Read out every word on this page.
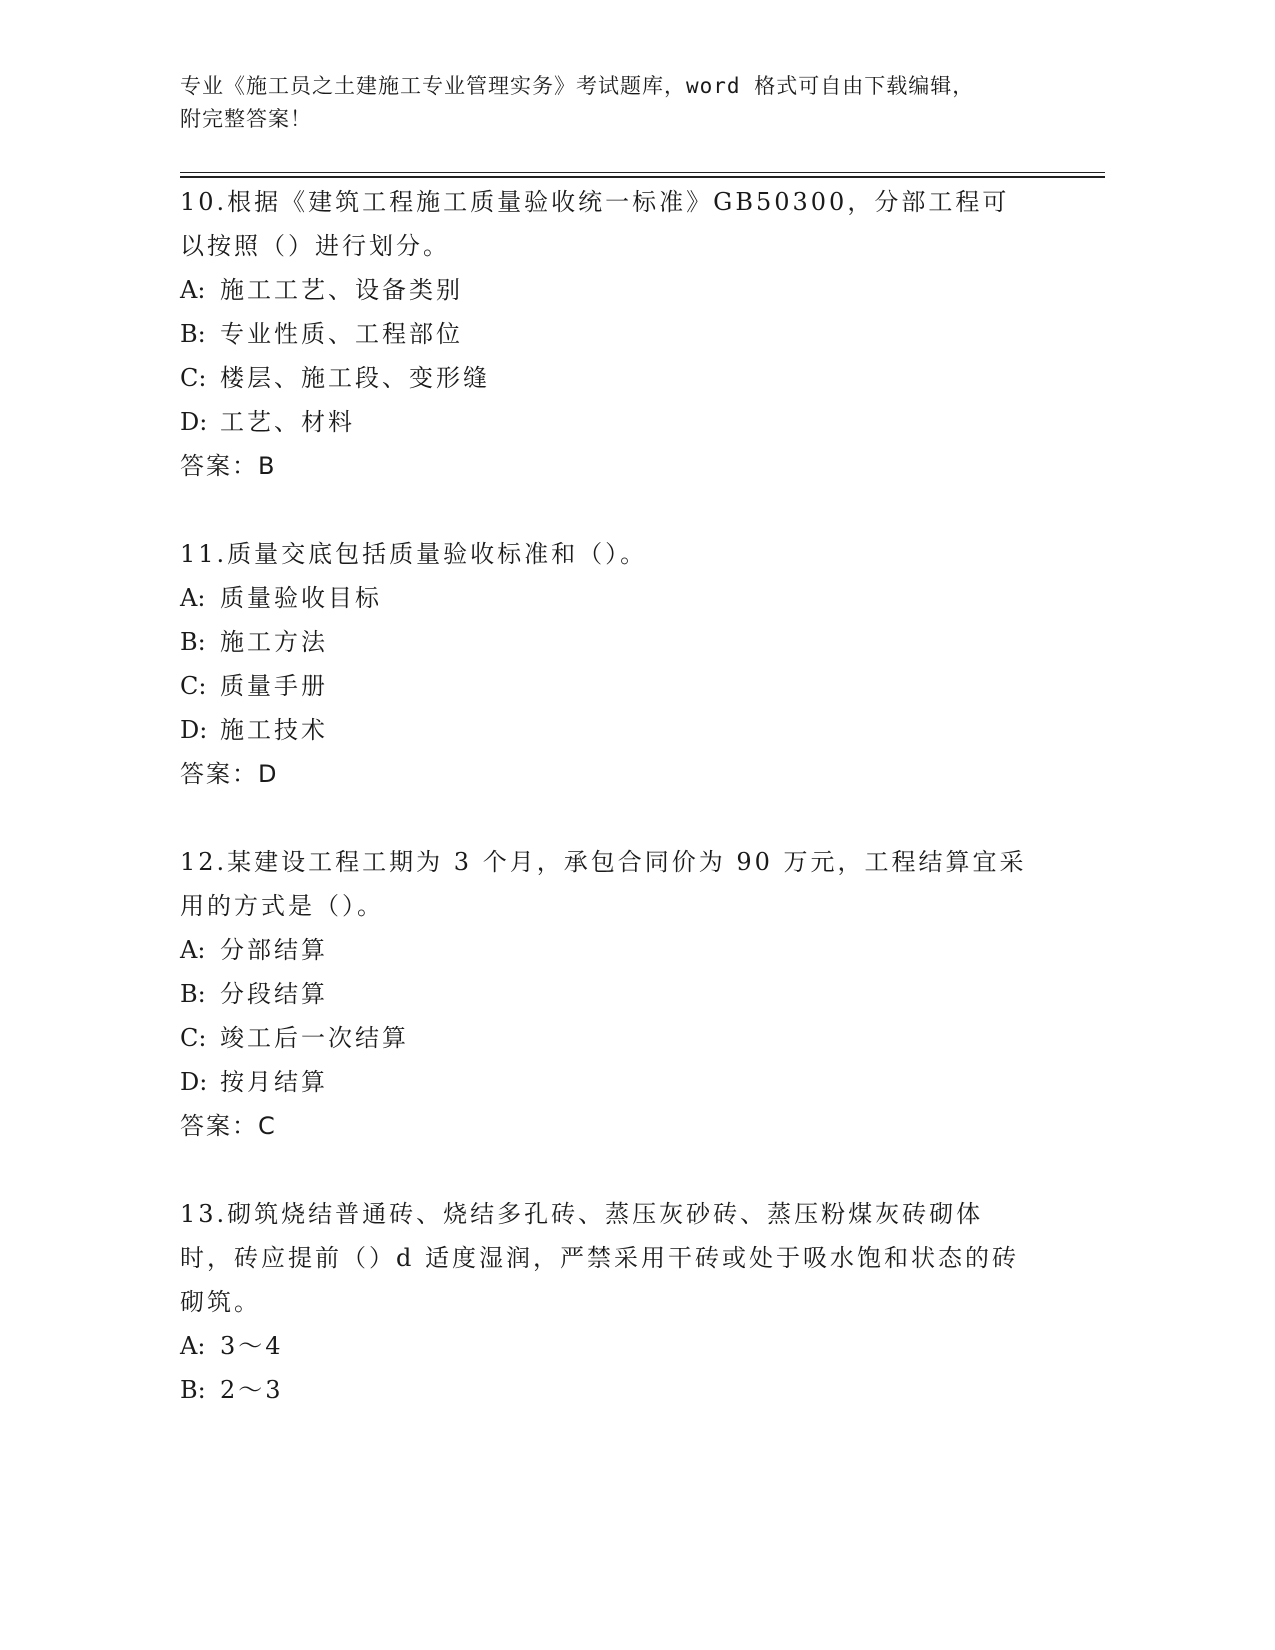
专业《施工员之土建施工专业管理实务》考试题库，word 格式可自由下载编辑，
附完整答案！

10.根据《建筑工程施工质量验收统一标准》GB50300，分部工程可以按照（）进行划分。

A: 施工工艺、设备类别

B: 专业性质、工程部位

C: 楼层、施工段、变形缝

D: 工艺、材料

答案：B

11.质量交底包括质量验收标准和（）。

A: 质量验收目标

B: 施工方法

C: 质量手册

D: 施工技术

答案：D

12.某建设工程工期为 3 个月，承包合同价为 90 万元，工程结算宜采用的方式是（）。

A: 分部结算

B: 分段结算

C: 竣工后一次结算

D: 按月结算

答案：C

13.砌筑烧结普通砖、烧结多孔砖、蒸压灰砂砖、蒸压粉煤灰砖砌体时，砖应提前（）d 适度湿润，严禁采用干砖或处于吸水饱和状态的砖砌筑。

A: 3～4

B: 2～3
